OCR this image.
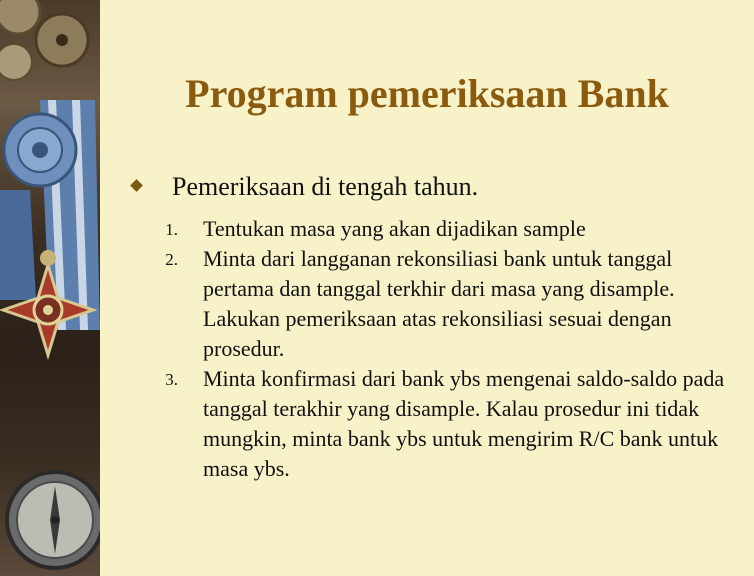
Program pemeriksaan Bank
Pemeriksaan di tengah tahun.
1. Tentukan masa yang akan dijadikan sample
2. Minta dari langganan rekonsiliasi bank untuk tanggal pertama dan tanggal terkhir dari masa yang disample. Lakukan pemeriksaan atas rekonsiliasi sesuai dengan prosedur.
3. Minta konfirmasi dari bank ybs mengenai saldo-saldo pada tanggal terakhir yang disample. Kalau prosedur ini tidak mungkin, minta bank ybs untuk mengirim R/C bank untuk masa ybs.
